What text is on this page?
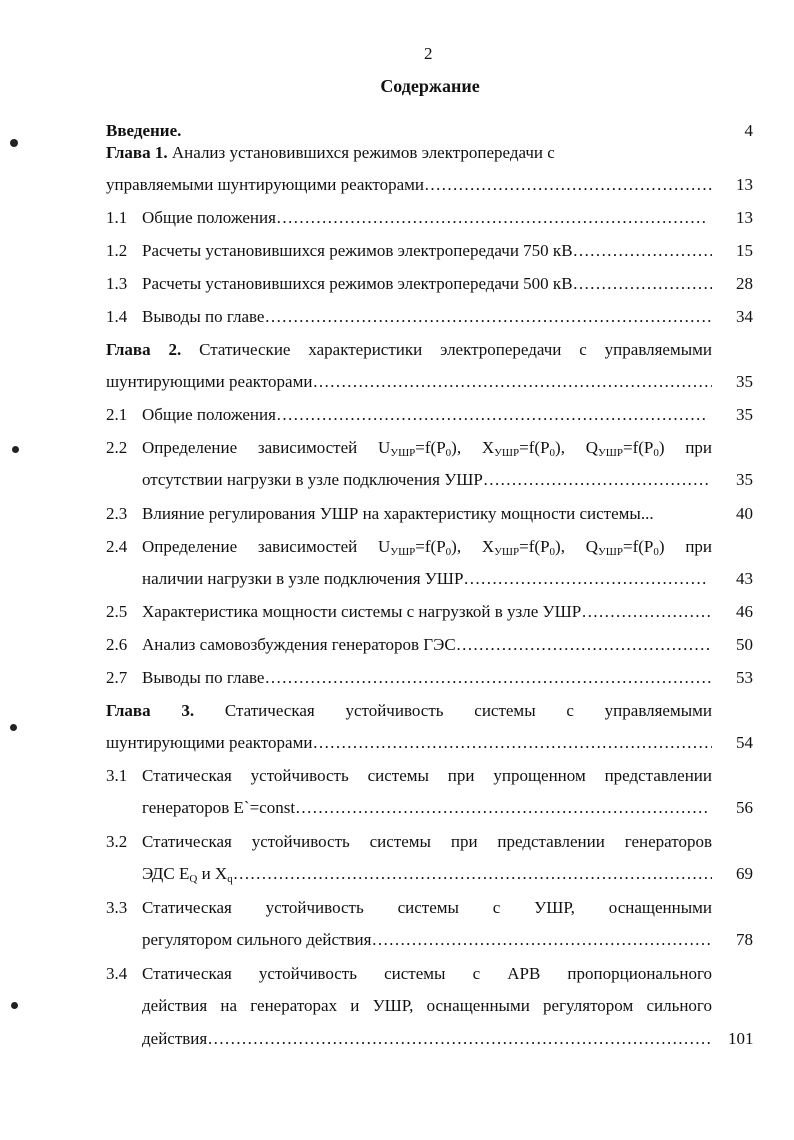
2
Содержание
Введение.	4
Глава 1. Анализ установившихся режимов электропередачи с
управляемыми шунтирующими реакторами …………………………………………………………………………………………………………………………………………………………………………	13
1.1 Общие положения …………………………………………………………………………………………………………………………………………………………………………	13
1.2 Расчеты установившихся режимов электропередачи 750 кВ …………………………………………………………………………………………………………………………………………………………………………	15
1.3 Расчеты установившихся режимов электропередачи 500 кВ …………………………………………………………………………………………………………………………………………………………………………	28
1.4 Выводы по главе …………………………………………………………………………………………………………………………………………………………………………	34
Глава 2. Статические характеристики электропередачи с управляемыми
шунтирующими реакторами …………………………………………………………………………………………………………………………………………………………………………	35
2.1 Общие положения …………………………………………………………………………………………………………………………………………………………………………	35
2.2 Определение зависимостей $U_{УШР}=f(P_0)$, $X_{УШР}=f(P_0)$, $Q_{УШР}=f(P_0)$ при
отсутствии нагрузки в узле подключения УШР …………………………………………………………………………………………………………………………………………………………………………	35
2.3 Влияние регулирования УШР на характеристику мощности системы...	40
2.4 Определение зависимостей $U_{УШР}=f(P_0)$, $X_{УШР}=f(P_0)$, $Q_{УШР}=f(P_0)$ при
наличии нагрузки в узле подключения УШР …………………………………………………………………………………………………………………………………………………………………………	43
2.5 Характеристика мощности системы с нагрузкой в узле УШР …………………………………………………………………………………………………………………………………………………………………………	46
2.6 Анализ самовозбуждения генераторов ГЭС …………………………………………………………………………………………………………………………………………………………………………	50
2.7 Выводы по главе …………………………………………………………………………………………………………………………………………………………………………	53
Глава 3. Статическая устойчивость системы с управляемыми
шунтирующими реакторами …………………………………………………………………………………………………………………………………………………………………………	54
3.1 Статическая устойчивость системы при упрощенном представлении
генераторов E`=const …………………………………………………………………………………………………………………………………………………………………………	56
3.2 Статическая устойчивость системы при представлении генераторов
ЭДС $E_Q$ и $X_q$ …………………………………………………………………………………………………………………………………………………………………………	69
3.3 Статическая устойчивость системы с УШР, оснащенными
регулятором сильного действия …………………………………………………………………………………………………………………………………………………………………………	78
3.4 Статическая устойчивость системы с АРВ пропорционального
действия на генераторах и УШР, оснащенными регулятором сильного
действия …………………………………………………………………………………………………………………………………………………………………………	101
